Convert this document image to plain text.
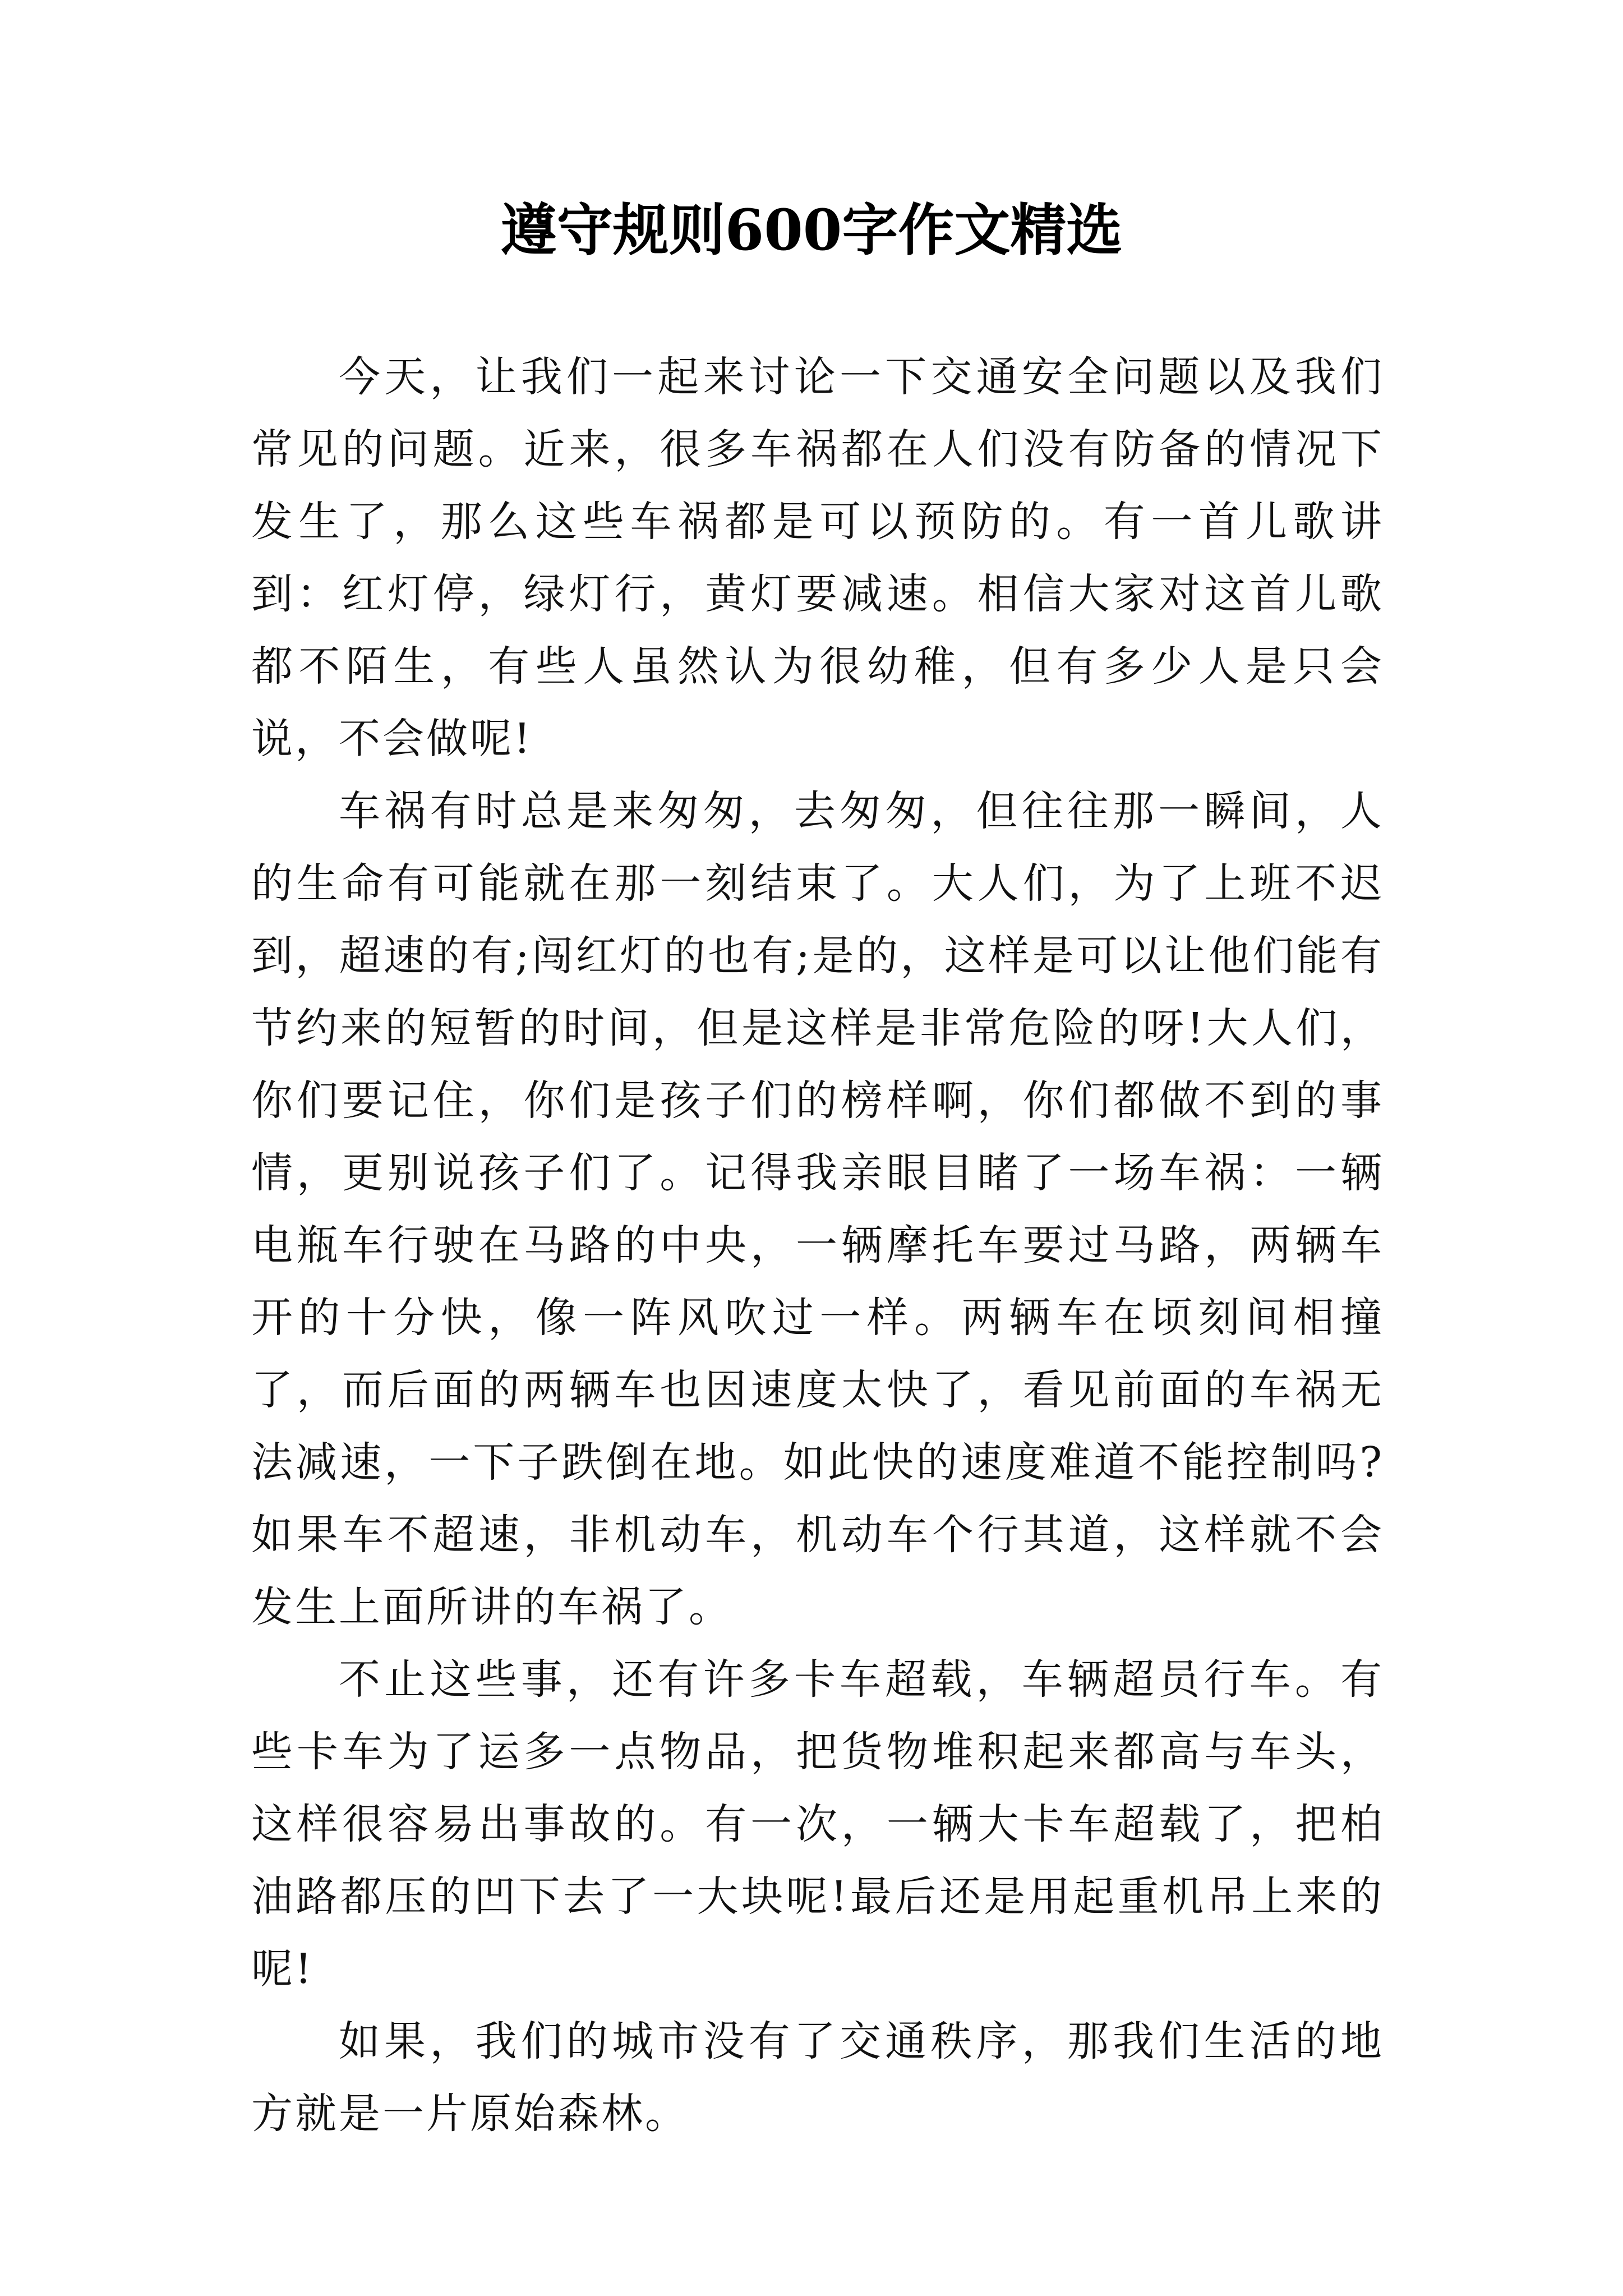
遵守规则600字作文精选

今天，让我们一起来讨论一下交通安全问题以及我们常见的问题。近来，很多车祸都在人们没有防备的情况下发生了，那么这些车祸都是可以预防的。有一首儿歌讲到：红灯停，绿灯行，黄灯要减速。相信大家对这首儿歌都不陌生，有些人虽然认为很幼稚，但有多少人是只会说，不会做呢!

车祸有时总是来匆匆，去匆匆，但往往那一瞬间，人的生命有可能就在那一刻结束了。大人们，为了上班不迟到，超速的有;闯红灯的也有;是的，这样是可以让他们能有节约来的短暂的时间，但是这样是非常危险的呀!大人们，你们要记住，你们是孩子们的榜样啊，你们都做不到的事情，更别说孩子们了。记得我亲眼目睹了一场车祸：一辆电瓶车行驶在马路的中央，一辆摩托车要过马路，两辆车开的十分快，像一阵风吹过一样。两辆车在顷刻间相撞了，而后面的两辆车也因速度太快了，看见前面的车祸无法减速，一下子跌倒在地。如此快的速度难道不能控制吗?如果车不超速，非机动车，机动车个行其道，这样就不会发生上面所讲的车祸了。

不止这些事，还有许多卡车超载，车辆超员行车。有些卡车为了运多一点物品，把货物堆积起来都高与车头，这样很容易出事故的。有一次，一辆大卡车超载了，把柏油路都压的凹下去了一大块呢!最后还是用起重机吊上来的呢!

如果，我们的城市没有了交通秩序，那我们生活的地方就是一片原始森林。
